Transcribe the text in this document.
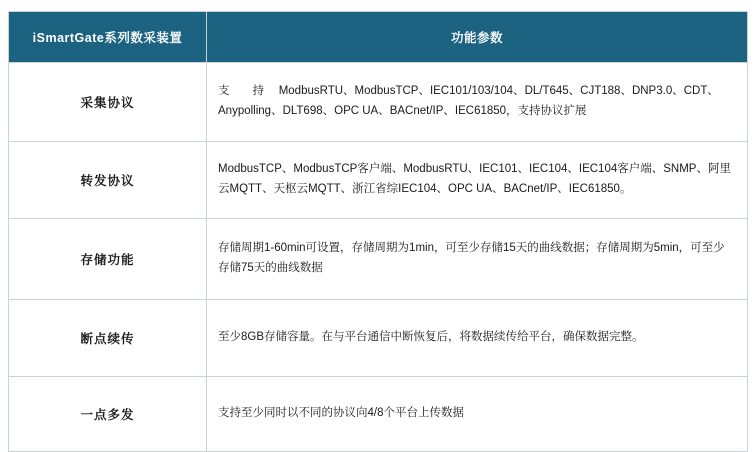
iSmartGate系列数采装置	功能参数
采集协议	支　　持　 ModbusRTU、ModbusTCP、IEC101/103/104、DL/T645、CJT188、DNP3.0、CDT、Anypolling、DLT698、OPC UA、BACnet/IP、IEC61850，支持协议扩展
转发协议	ModbusTCP、ModbusTCP客户端、ModbusRTU、IEC101、IEC104、IEC104客户端、SNMP、阿里云MQTT、天枢云MQTT、浙江省综IEC104、OPC UA、BACnet/IP、IEC61850。
存储功能	存储周期1-60min可设置，存储周期为1min，可至少存储15天的曲线数据；存储周期为5min，可至少存储75天的曲线数据
断点续传	至少8GB存储容量。在与平台通信中断恢复后，将数据续传给平台，确保数据完整。
一点多发	支持至少同时以不同的协议向4/8个平台上传数据
